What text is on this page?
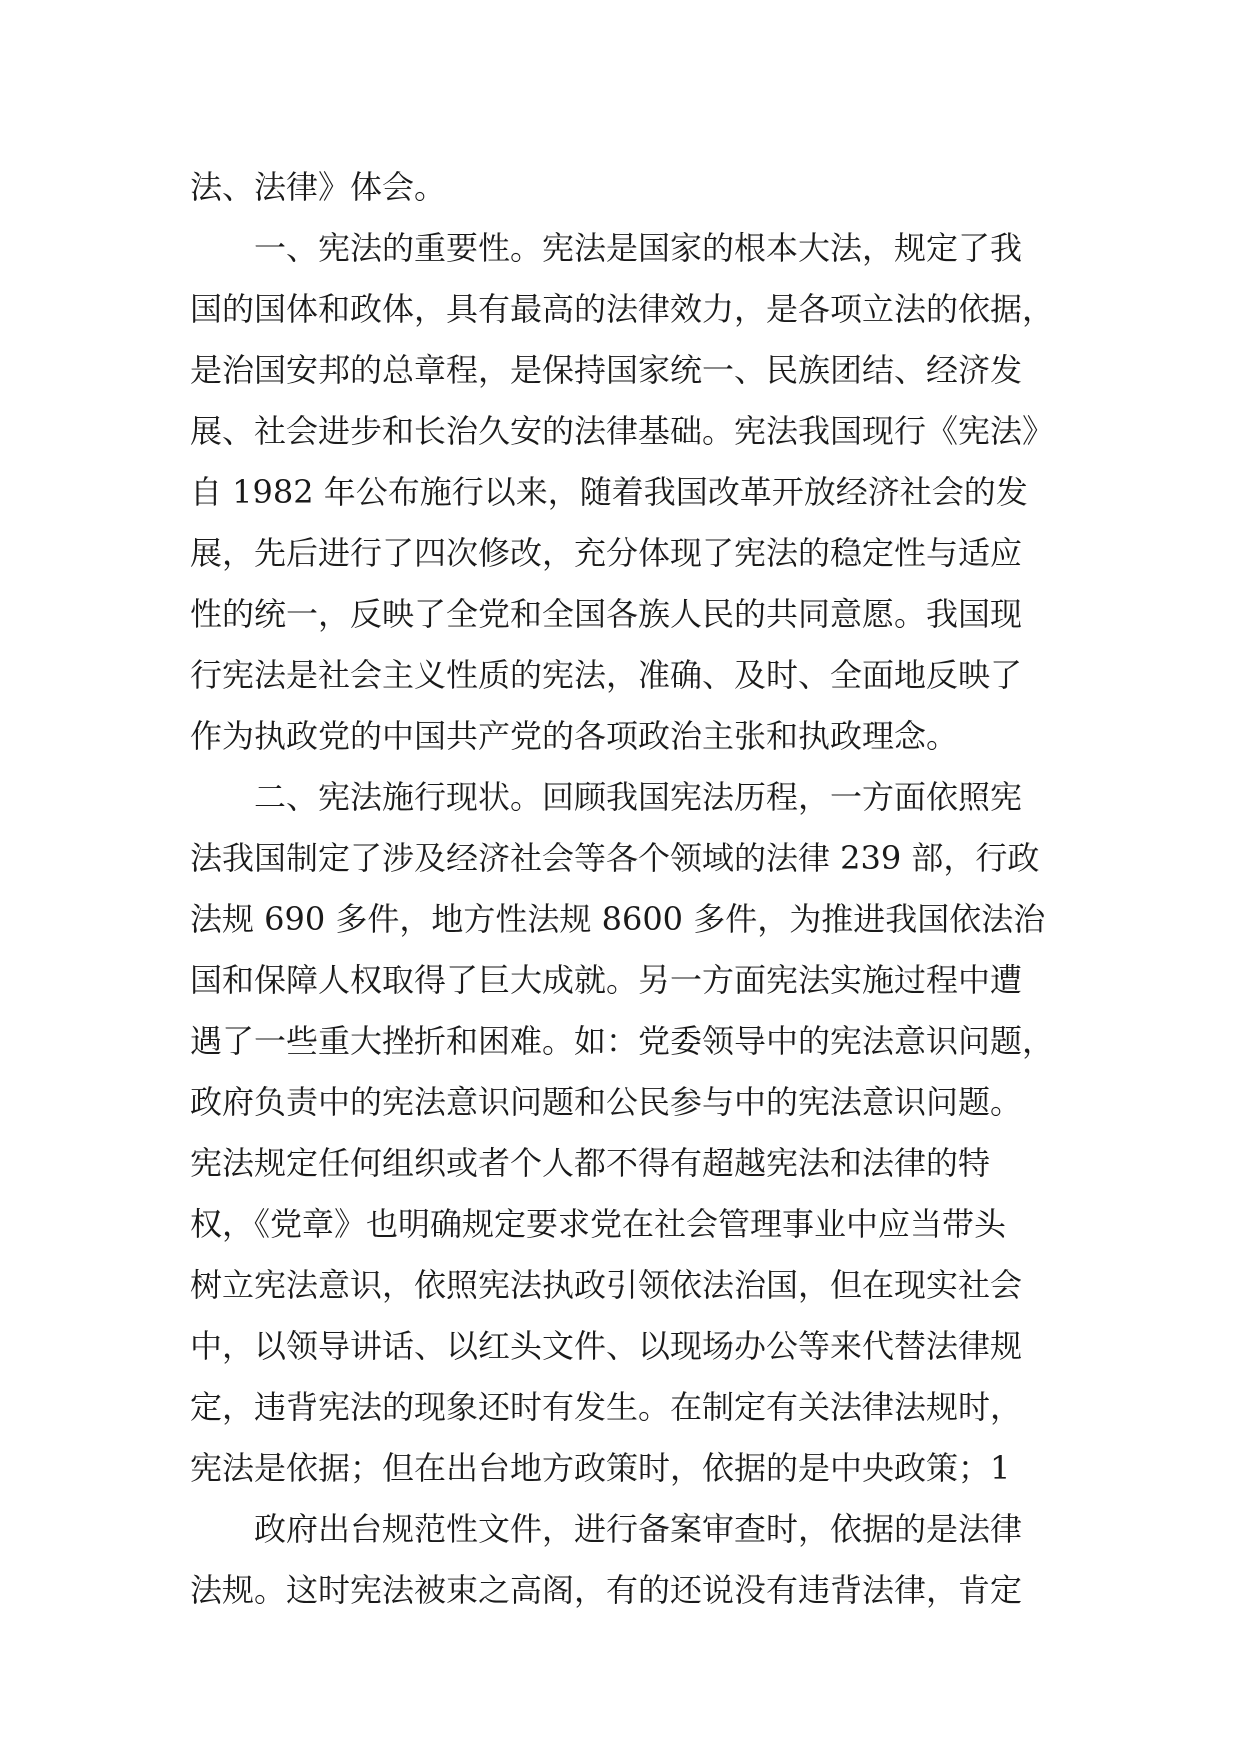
法、法律》体会。
一、宪法的重要性。宪法是国家的根本大法，规定了我
国的国体和政体，具有最高的法律效力，是各项立法的依据，
是治国安邦的总章程，是保持国家统一、民族团结、经济发
展、社会进步和长治久安的法律基础。宪法我国现行《宪法》
自 1982 年公布施行以来，随着我国改革开放经济社会的发
展，先后进行了四次修改，充分体现了宪法的稳定性与适应
性的统一，反映了全党和全国各族人民的共同意愿。我国现
行宪法是社会主义性质的宪法，准确、及时、全面地反映了
作为执政党的中国共产党的各项政治主张和执政理念。
二、宪法施行现状。回顾我国宪法历程，一方面依照宪
法我国制定了涉及经济社会等各个领域的法律 239 部，行政
法规 690 多件，地方性法规 8600 多件，为推进我国依法治
国和保障人权取得了巨大成就。另一方面宪法实施过程中遭
遇了一些重大挫折和困难。如：党委领导中的宪法意识问题，
政府负责中的宪法意识问题和公民参与中的宪法意识问题。
宪法规定任何组织或者个人都不得有超越宪法和法律的特
权，《党章》也明确规定要求党在社会管理事业中应当带头
树立宪法意识，依照宪法执政引领依法治国，但在现实社会
中，以领导讲话、以红头文件、以现场办公等来代替法律规
定，违背宪法的现象还时有发生。在制定有关法律法规时，
宪法是依据；但在出台地方政策时，依据的是中央政策；1
政府出台规范性文件，进行备案审查时，依据的是法律
法规。这时宪法被束之高阁，有的还说没有违背法律，肯定
